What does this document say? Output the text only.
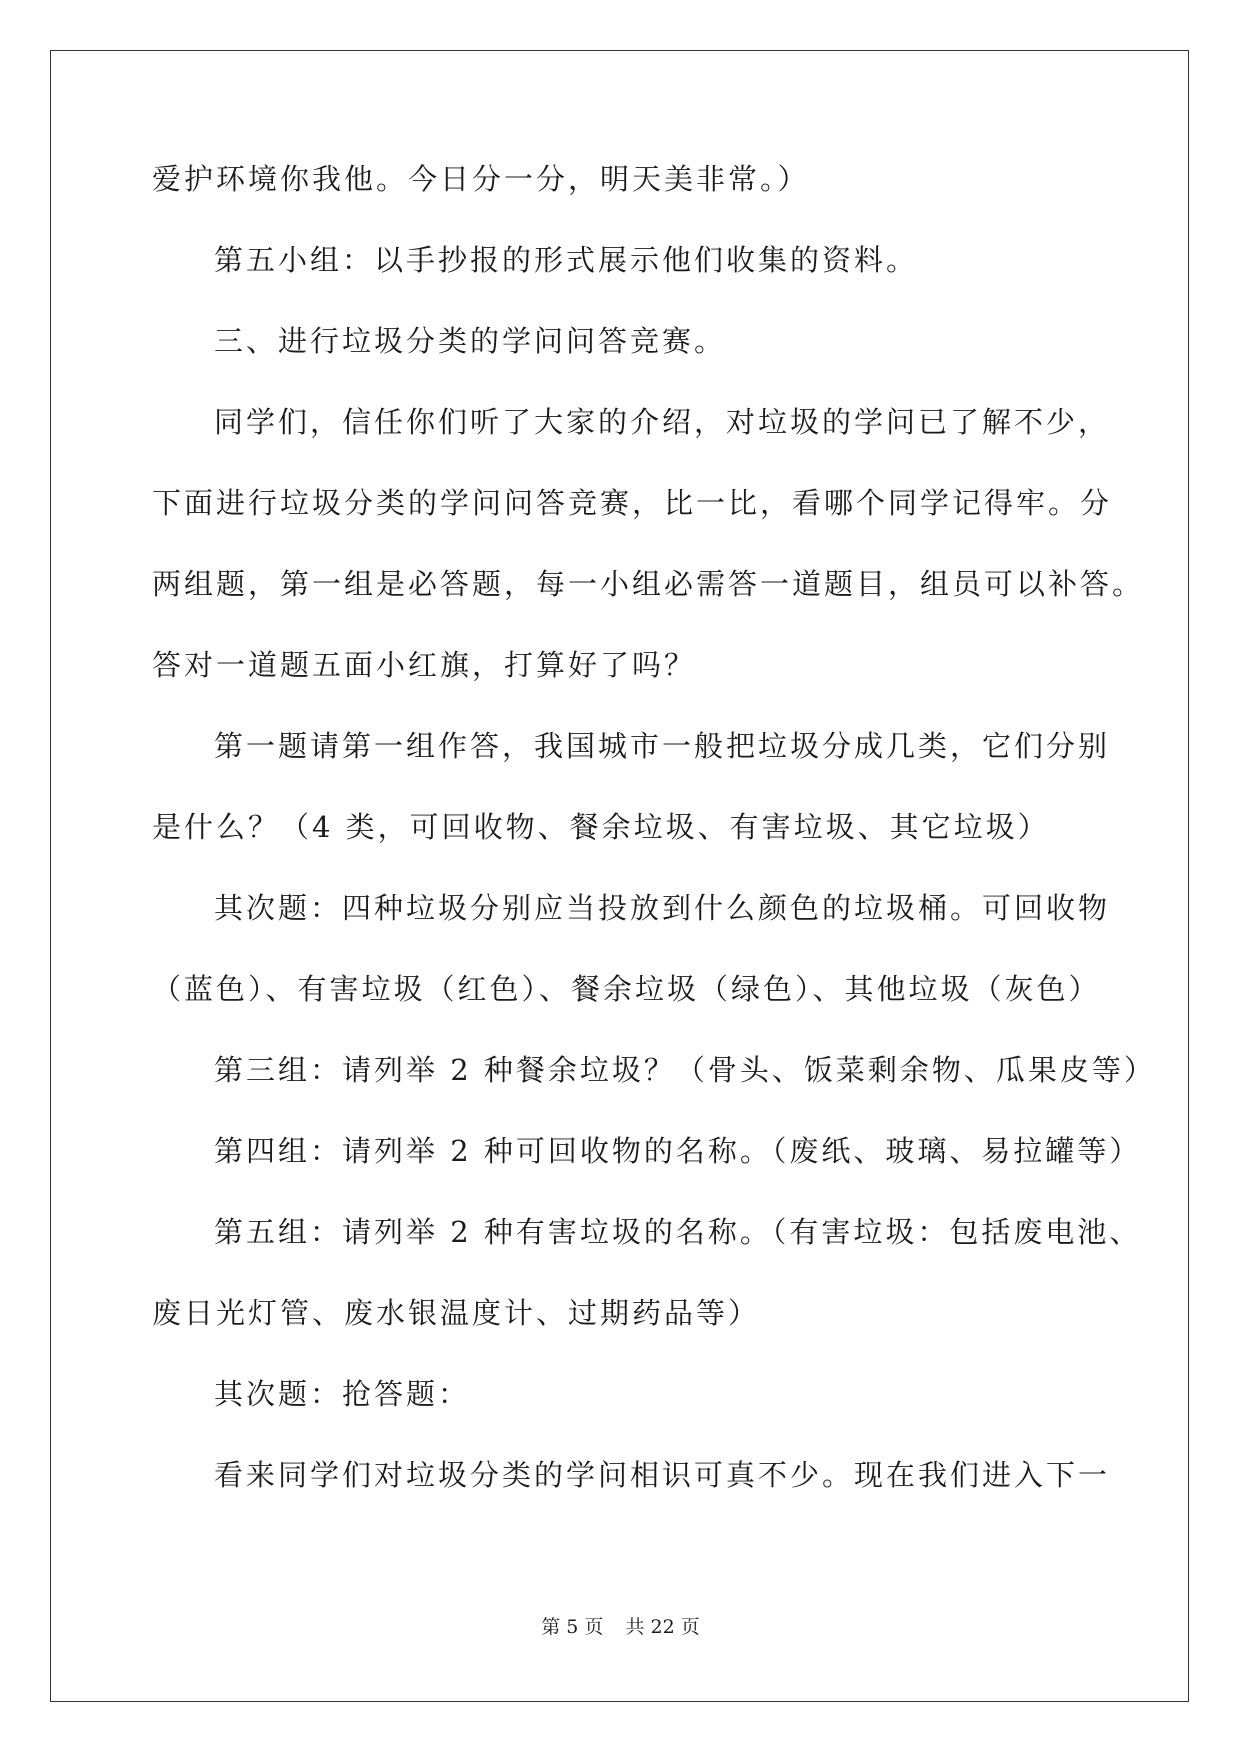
爱护环境你我他。今日分一分，明天美非常。）
第五小组：以手抄报的形式展示他们收集的资料。
三、进行垃圾分类的学问问答竞赛。
同学们，信任你们听了大家的介绍，对垃圾的学问已了解不少，
下面进行垃圾分类的学问问答竞赛，比一比，看哪个同学记得牢。分
两组题，第一组是必答题，每一小组必需答一道题目，组员可以补答。
答对一道题五面小红旗，打算好了吗？
第一题请第一组作答，我国城市一般把垃圾分成几类，它们分别
是什么？（4 类，可回收物、餐余垃圾、有害垃圾、其它垃圾）
其次题：四种垃圾分别应当投放到什么颜色的垃圾桶。可回收物
（蓝色）、有害垃圾（红色）、餐余垃圾（绿色）、其他垃圾（灰色）
第三组：请列举 2 种餐余垃圾？（骨头、饭菜剩余物、瓜果皮等）
第四组：请列举 2 种可回收物的名称。（废纸、玻璃、易拉罐等）
第五组：请列举 2 种有害垃圾的名称。（有害垃圾：包括废电池、
废日光灯管、废水银温度计、过期药品等）
其次题：抢答题：
看来同学们对垃圾分类的学问相识可真不少。现在我们进入下一
第 5 页 共 22 页
